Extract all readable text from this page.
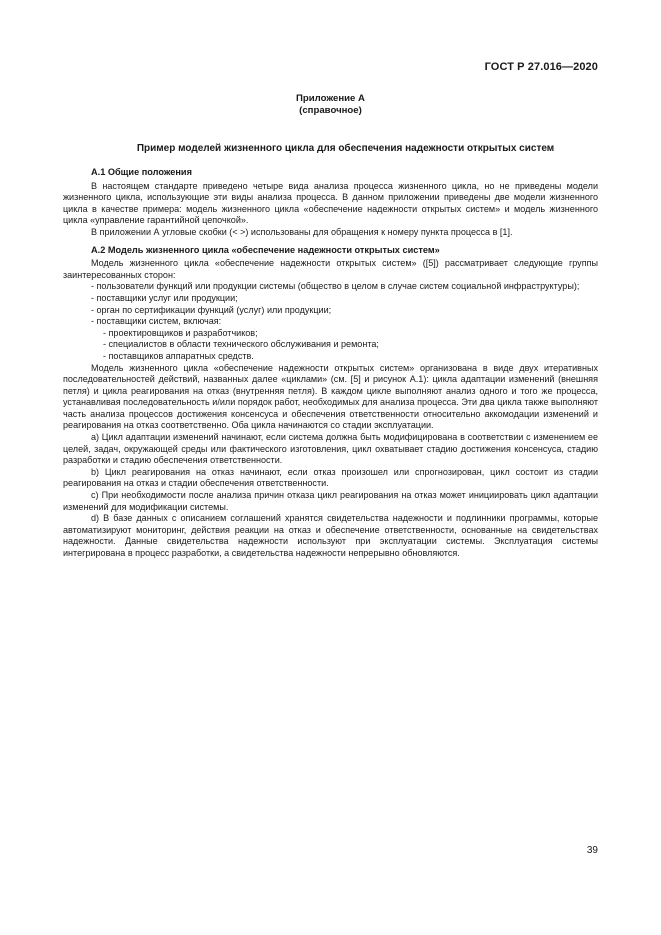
ГОСТ Р 27.016—2020
Приложение А
(справочное)
Пример моделей жизненного цикла для обеспечения надежности открытых систем
А.1 Общие положения

В настоящем стандарте приведено четыре вида анализа процесса жизненного цикла, но не приведены модели жизненного цикла, использующие эти виды анализа процесса. В данном приложении приведены две модели жизненного цикла в качестве примера: модель жизненного цикла «обеспечение надежности открытых систем» и модель жизненного цикла «управление гарантийной цепочкой».

В приложении А угловые скобки (< >) использованы для обращения к номеру пункта процесса в [1].

А.2 Модель жизненного цикла «обеспечение надежности открытых систем»

Модель жизненного цикла «обеспечение надежности открытых систем» ([5]) рассматривает следующие группы заинтересованных сторон:

- пользователи функций или продукции системы (общество в целом в случае систем социальной инфраструктуры);

- поставщики услуг или продукции;

- орган по сертификации функций (услуг) или продукции;

- поставщики систем, включая:

- проектировщиков и разработчиков;

- специалистов в области технического обслуживания и ремонта;

- поставщиков аппаратных средств.

Модель жизненного цикла «обеспечение надежности открытых систем» организована в виде двух итеративных последовательностей действий, названных далее «циклами» (см. [5] и рисунок А.1): цикла адаптации изменений (внешняя петля) и цикла реагирования на отказ (внутренняя петля). В каждом цикле выполняют анализ одного и того же процесса, устанавливая последовательность и/или порядок работ, необходимых для анализа процесса. Эти два цикла также выполняют часть анализа процессов достижения консенсуса и обеспечения ответственности относительно аккомодации изменений и реагирования на отказ соответственно. Оба цикла начинаются со стадии эксплуатации.

а) Цикл адаптации изменений начинают, если система должна быть модифицирована в соответствии с изменением ее целей, задач, окружающей среды или фактического изготовления, цикл охватывает стадию достижения консенсуса, стадию разработки и стадию обеспечения ответственности.

b) Цикл реагирования на отказ начинают, если отказ произошел или спрогнозирован, цикл состоит из стадии реагирования на отказ и стадии обеспечения ответственности.

c) При необходимости после анализа причин отказа цикл реагирования на отказ может инициировать цикл адаптации изменений для модификации системы.

d) В базе данных с описанием соглашений хранятся свидетельства надежности и подлинники программы, которые автоматизируют мониторинг, действия реакции на отказ и обеспечение ответственности, основанные на свидетельствах надежности. Данные свидетельства надежности используют при эксплуатации системы. Эксплуатация системы интегрирована в процесс разработки, а свидетельства надежности непрерывно обновляются.

39
